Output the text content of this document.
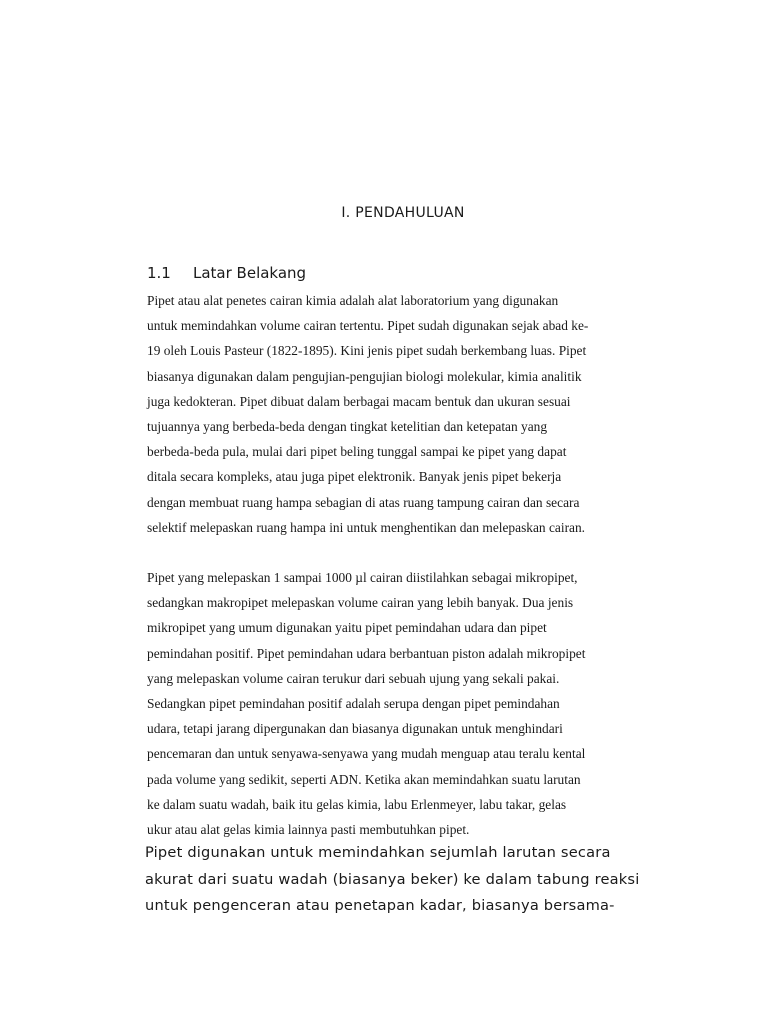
I. PENDAHULUAN
1.1 Latar Belakang

Pipet atau alat penetes cairan kimia adalah alat laboratorium yang digunakan
untuk memindahkan volume cairan tertentu. Pipet sudah digunakan sejak abad ke-
19 oleh Louis Pasteur (1822-1895). Kini jenis pipet sudah berkembang luas. Pipet
biasanya digunakan dalam pengujian-pengujian biologi molekular, kimia analitik
juga kedokteran. Pipet dibuat dalam berbagai macam bentuk dan ukuran sesuai
tujuannya yang berbeda-beda dengan tingkat ketelitian dan ketepatan yang
berbeda-beda pula, mulai dari pipet beling tunggal sampai ke pipet yang dapat
ditala secara kompleks, atau juga pipet elektronik. Banyak jenis pipet bekerja
dengan membuat ruang hampa sebagian di atas ruang tampung cairan dan secara
selektif melepaskan ruang hampa ini untuk menghentikan dan melepaskan cairan.

Pipet yang melepaskan 1 sampai 1000 µl cairan diistilahkan sebagai mikropipet,
sedangkan makropipet melepaskan volume cairan yang lebih banyak. Dua jenis
mikropipet yang umum digunakan yaitu pipet pemindahan udara dan pipet
pemindahan positif. Pipet pemindahan udara berbantuan piston adalah mikropipet
yang melepaskan volume cairan terukur dari sebuah ujung yang sekali pakai.
Sedangkan pipet pemindahan positif adalah serupa dengan pipet pemindahan
udara, tetapi jarang dipergunakan dan biasanya digunakan untuk menghindari
pencemaran dan untuk senyawa-senyawa yang mudah menguap atau teralu kental
pada volume yang sedikit, seperti ADN. Ketika akan memindahkan suatu larutan
ke dalam suatu wadah, baik itu gelas kimia, labu Erlenmeyer, labu takar, gelas
ukur atau alat gelas kimia lainnya pasti membutuhkan pipet.

Pipet digunakan untuk memindahkan sejumlah larutan secara
akurat dari suatu wadah (biasanya beker) ke dalam tabung reaksi
untuk pengenceran atau penetapan kadar, biasanya bersama-
